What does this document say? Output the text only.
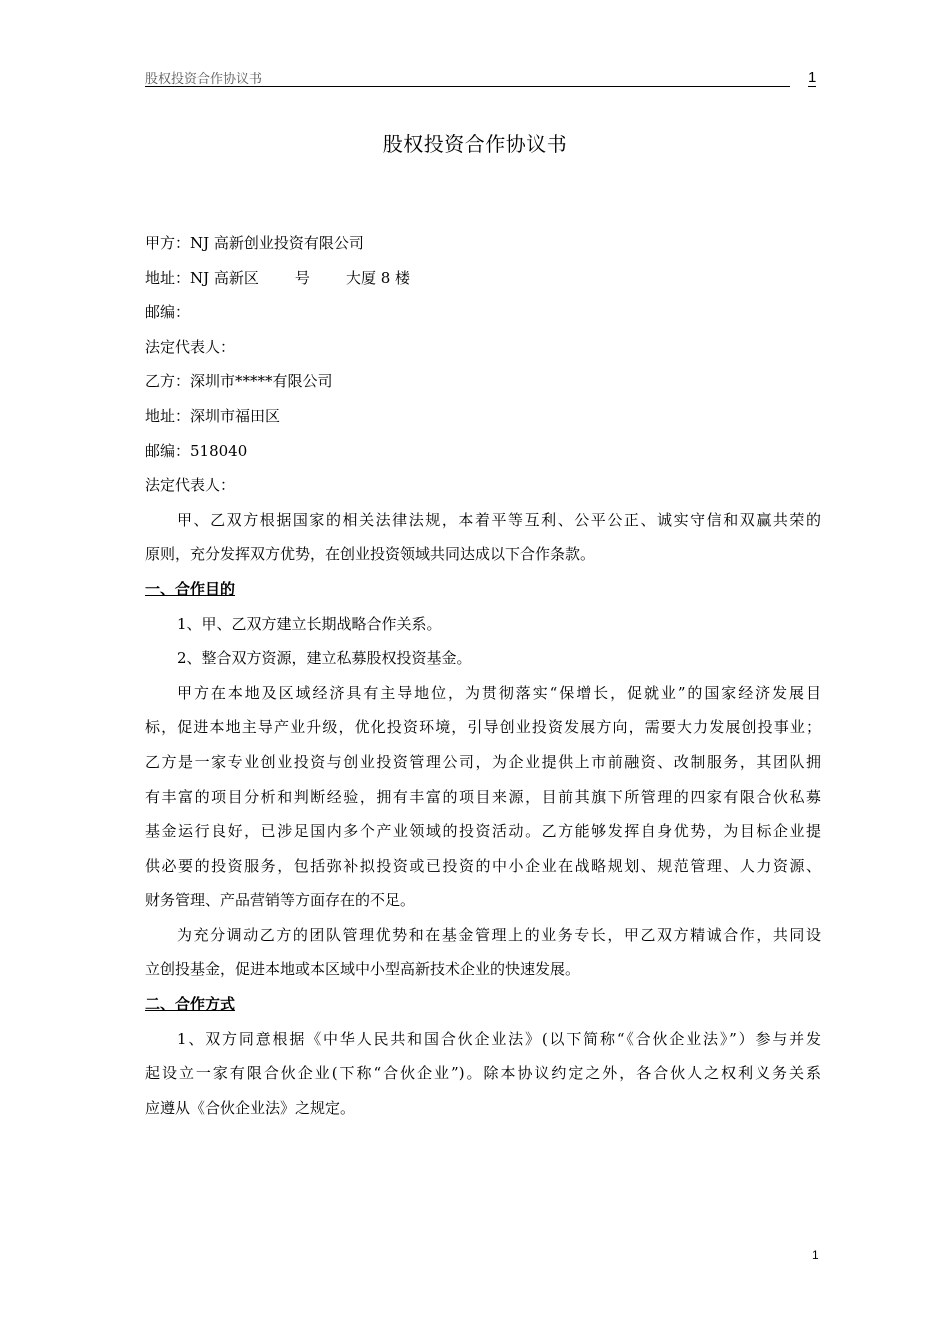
股权投资合作协议书	1
股权投资合作协议书
甲方：NJ 高新创业投资有限公司
地址：NJ 高新区 号 大厦 8 楼
邮编：
法定代表人：
乙方：深圳市*****有限公司
地址：深圳市福田区
邮编：518040
法定代表人：
甲、乙双方根据国家的相关法律法规，本着平等互利、公平公正、诚实守信和双赢共荣的
原则，充分发挥双方优势，在创业投资领域共同达成以下合作条款。
一、合作目的
1、甲、乙双方建立长期战略合作关系。
2、整合双方资源，建立私募股权投资基金。
甲方在本地及区域经济具有主导地位，为贯彻落实“保增长，促就业”的国家经济发展目
标，促进本地主导产业升级，优化投资环境，引导创业投资发展方向，需要大力发展创投事业；
乙方是一家专业创业投资与创业投资管理公司，为企业提供上市前融资、改制服务，其团队拥
有丰富的项目分析和判断经验，拥有丰富的项目来源，目前其旗下所管理的四家有限合伙私募
基金运行良好，已涉足国内多个产业领域的投资活动。乙方能够发挥自身优势，为目标企业提
供必要的投资服务，包括弥补拟投资或已投资的中小企业在战略规划、规范管理、人力资源、
财务管理、产品营销等方面存在的不足。
为充分调动乙方的团队管理优势和在基金管理上的业务专长，甲乙双方精诚合作，共同设
立创投基金，促进本地或本区域中小型高新技术企业的快速发展。
二、合作方式
1、双方同意根据《中华人民共和国合伙企业法》(以下简称“《合伙企业法》”）参与并发
起设立一家有限合伙企业(下称“合伙企业”)。除本协议约定之外，各合伙人之权利义务关系
应遵从《合伙企业法》之规定。
1
